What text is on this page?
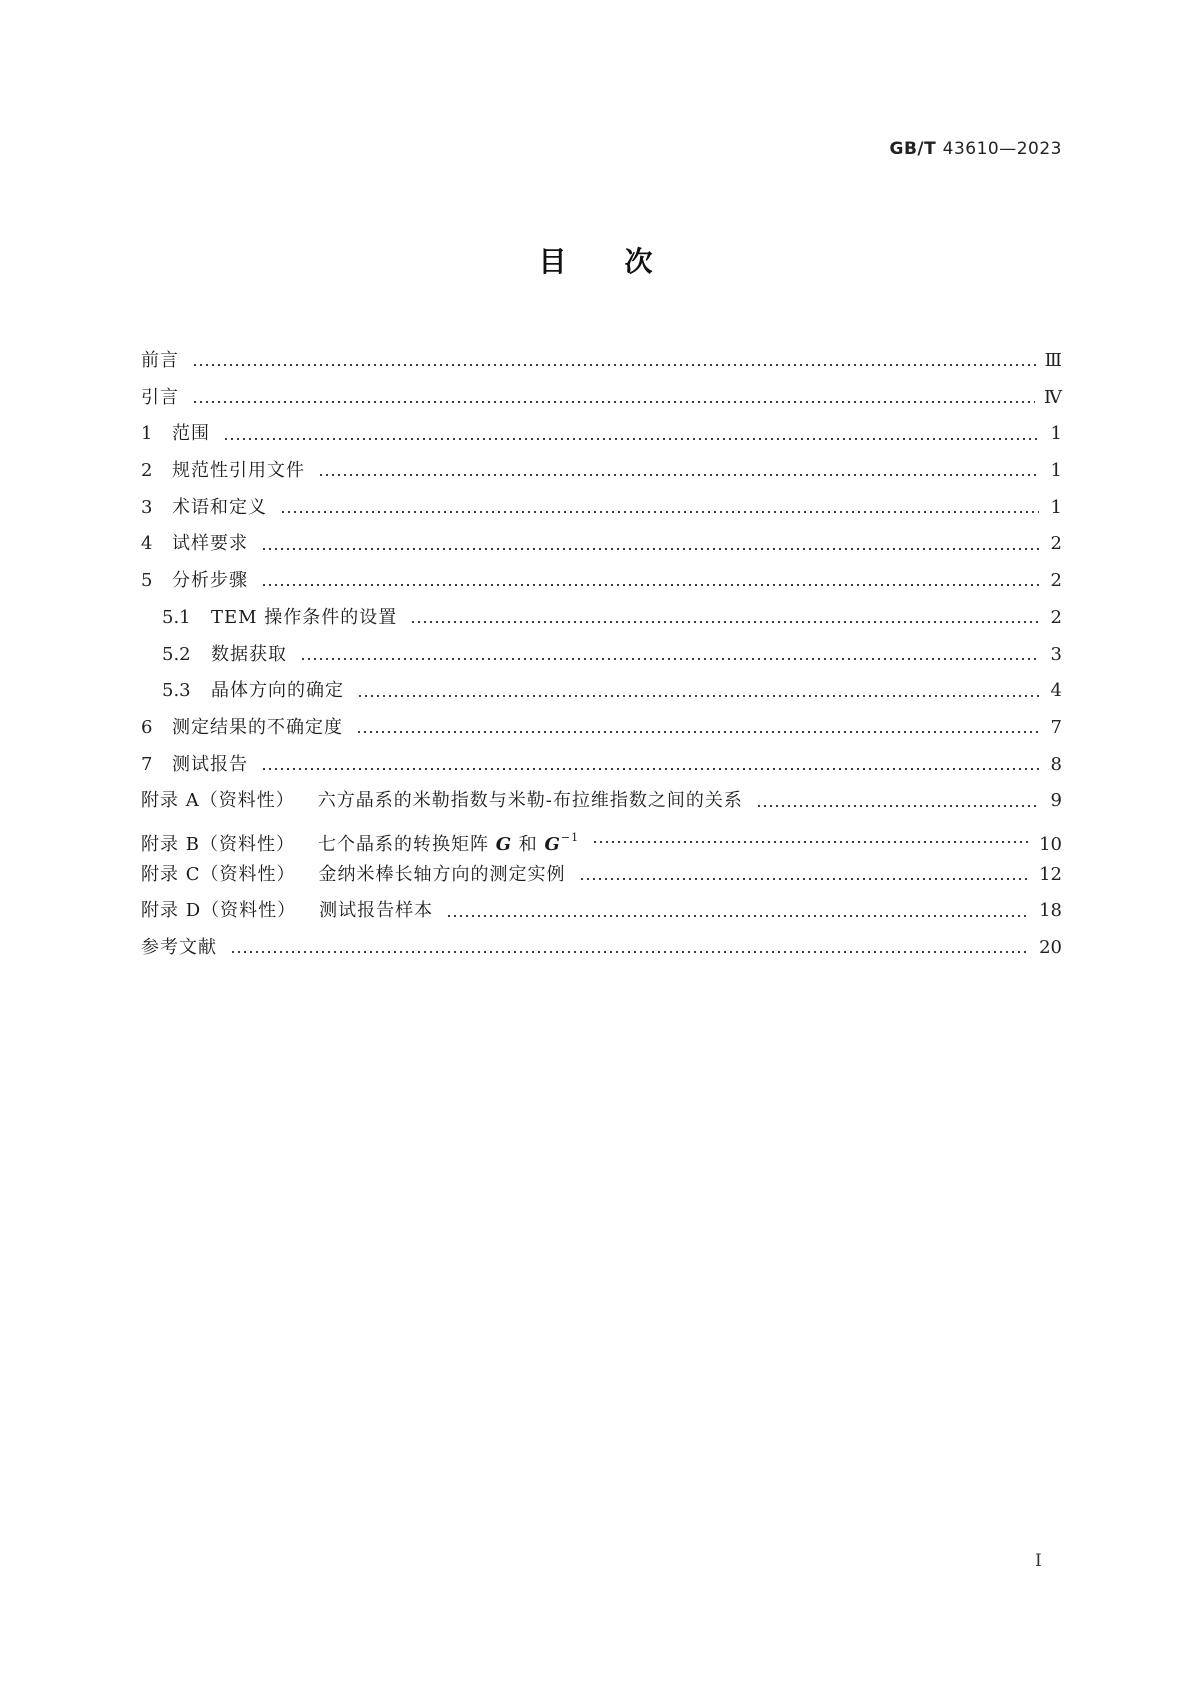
GB/T 43610—2023
目次
前言	Ⅲ
引言	Ⅳ
1	范围	1
2	规范性引用文件	1
3	术语和定义	1
4	试样要求	2
5	分析步骤	2
5.1	TEM 操作条件的设置	2
5.2	数据获取	3
5.3	晶体方向的确定	4
6	测定结果的不确定度	7
7	测试报告	8
附录 A（资料性） 六方晶系的米勒指数与米勒-布拉维指数之间的关系	9
附录 B（资料性） 七个晶系的转换矩阵 G 和 $G^{-1}$	10
附录 C（资料性） 金纳米棒长轴方向的测定实例	12
附录 D（资料性） 测试报告样本	18
参考文献	20
I
